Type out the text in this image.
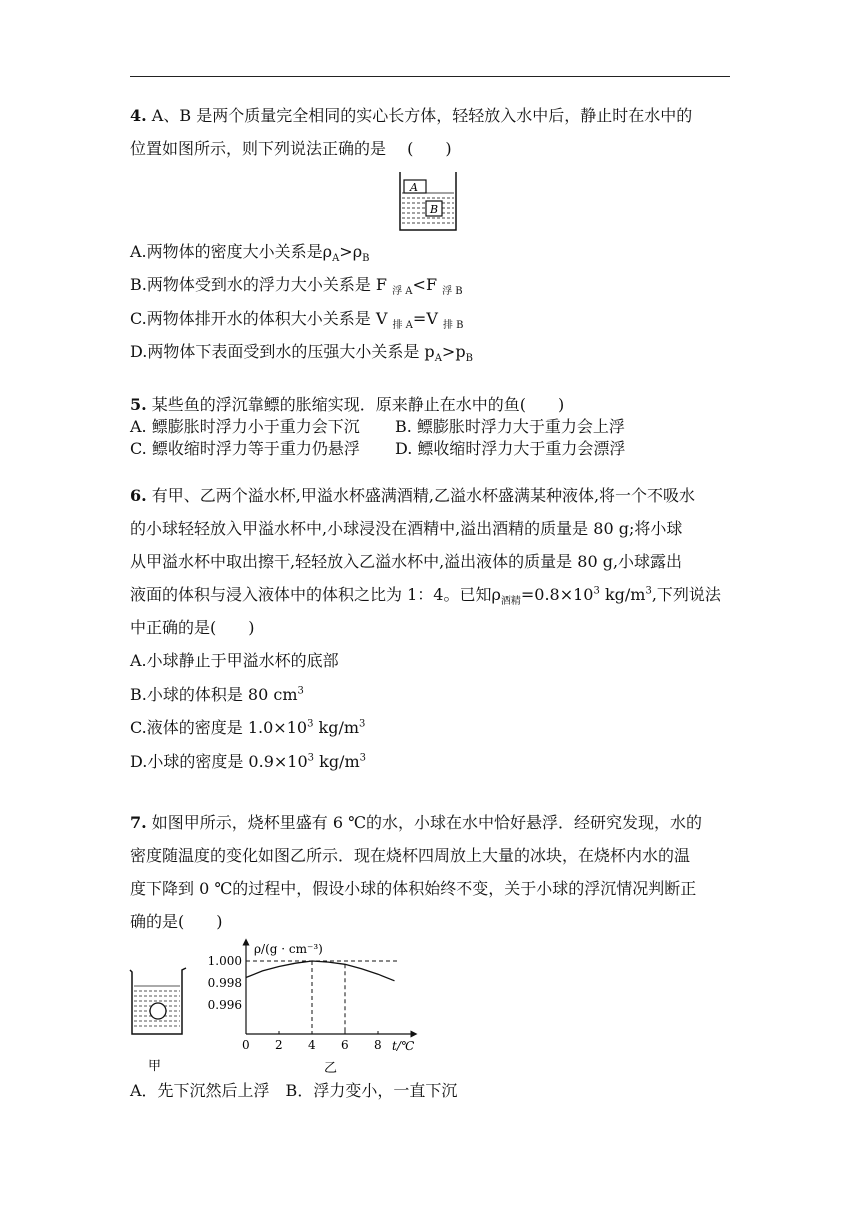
4. A、B 是两个质量完全相同的实心长方体，轻轻放入水中后，静止时在水中的
位置如图所示，则下列说法正确的是　 (　　)
A
B
A.两物体的密度大小关系是$\rho_A>\rho_B$
B.两物体受到水的浮力大小关系是 F $_{浮 A}$<F $_{浮 B}$
C.两物体排开水的体积大小关系是 V $_{排 A}$=V $_{排 B}$
D.两物体下表面受到水的压强大小关系是 $p_A>p_B$
5. 某些鱼的浮沉靠鳔的胀缩实现．原来静止在水中的鱼(　　)
A. 鳔膨胀时浮力小于重力会下沉 B. 鳔膨胀时浮力大于重力会上浮
C. 鳔收缩时浮力等于重力仍悬浮 D. 鳔收缩时浮力大于重力会漂浮
6. 有甲、乙两个溢水杯,甲溢水杯盛满酒精,乙溢水杯盛满某种液体,将一个不吸水
的小球轻轻放入甲溢水杯中,小球浸没在酒精中,溢出酒精的质量是 80 g;将小球
从甲溢水杯中取出擦干,轻轻放入乙溢水杯中,溢出液体的质量是 80 g,小球露出
液面的体积与浸入液体中的体积之比为 1：4。已知$\rho_{酒精}=0.8\times 10^3$ $kg/m^3$,下列说法
中正确的是(　　)
A.小球静止于甲溢水杯的底部
B.小球的体积是 80 $cm^3$
C.液体的密度是 $1.0\times 10^3$ $kg/m^3$
D.小球的密度是 $0.9\times 10^3$ $kg/m^3$
7. 如图甲所示，烧杯里盛有 6 ℃的水，小球在水中恰好悬浮．经研究发现，水的
密度随温度的变化如图乙所示．现在烧杯四周放上大量的冰块，在烧杯内水的温
度下降到 0 ℃的过程中，假设小球的体积始终不变，关于小球的浮沉情况判断正
确的是(　　)
甲
ρ/(g · cm⁻³)
t/℃
0 2 4 6 8
1.000
0.998
0.996
乙
A．先下沉然后上浮　B．浮力变小，一直下沉
